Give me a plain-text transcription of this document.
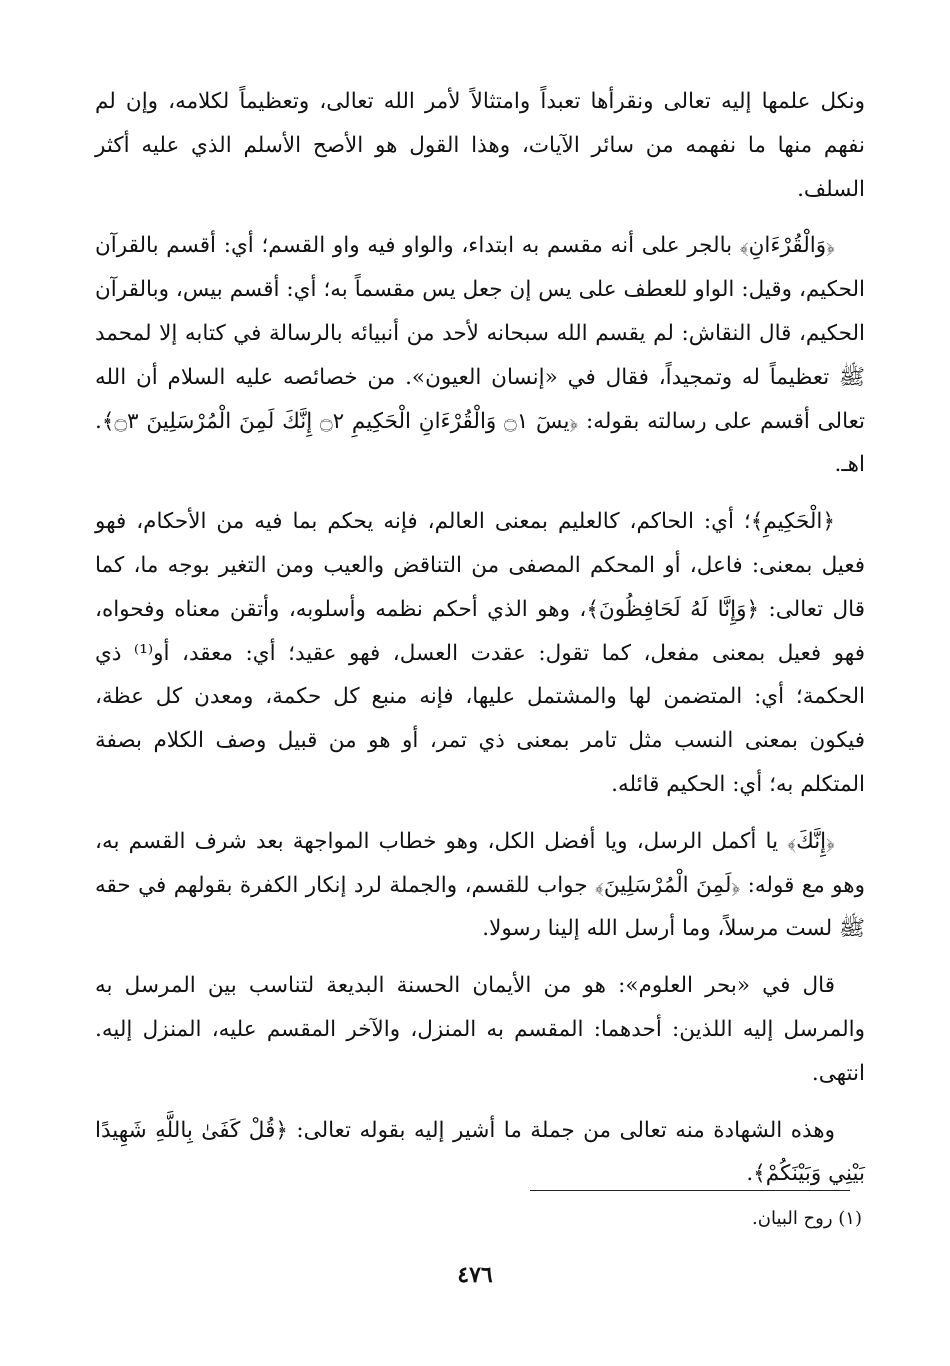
ونكل علمها إليه تعالى ونقرأها تعبداً وامتثالاً لأمر الله تعالى، وتعظيماً لكلامه، وإن لم نفهم منها ما نفهمه من سائر الآيات، وهذا القول هو الأصح الأسلم الذي عليه أكثر السلف.

﴿وَالْقُرْءَانِ﴾ بالجر على أنه مقسم به ابتداء، والواو فيه واو القسم؛ أي: أقسم بالقرآن الحكيم، وقيل: الواو للعطف على يس إن جعل يس مقسماً به؛ أي: أقسم بيس، وبالقرآن الحكيم، قال النقاش: لم يقسم الله سبحانه لأحد من أنبيائه بالرسالة في كتابه إلا لمحمد ﷺ تعظيماً له وتمجيداً، فقال في «إنسان العيون». من خصائصه عليه السلام أن الله تعالى أقسم على رسالته بقوله: ﴿يسٓ ۝١ وَالْقُرْءَانِ الْحَكِيمِ ۝٢ إِنَّكَ لَمِنَ الْمُرْسَلِينَ ۝٣﴾. اهـ.

﴿الْحَكِيمِ﴾؛ أي: الحاكم، كالعليم بمعنى العالم، فإنه يحكم بما فيه من الأحكام، فهو فعيل بمعنى: فاعل، أو المحكم المصفى من التناقض والعيب ومن التغير بوجه ما، كما قال تعالى: ﴿وَإِنَّا لَهُ لَحَافِظُونَ﴾، وهو الذي أحكم نظمه وأسلوبه، وأتقن معناه وفحواه، فهو فعيل بمعنى مفعل، كما تقول: عقدت العسل، فهو عقيد؛ أي: معقد، أو⁽¹⁾ ذي الحكمة؛ أي: المتضمن لها والمشتمل عليها، فإنه منبع كل حكمة، ومعدن كل عظة، فيكون بمعنى النسب مثل تامر بمعنى ذي تمر، أو هو من قبيل وصف الكلام بصفة المتكلم به؛ أي: الحكيم قائله.

﴿إِنَّكَ﴾ يا أكمل الرسل، ويا أفضل الكل، وهو خطاب المواجهة بعد شرف القسم به، وهو مع قوله: ﴿لَمِنَ الْمُرْسَلِينَ﴾ جواب للقسم، والجملة لرد إنكار الكفرة بقولهم في حقه ﷺ لست مرسلاً، وما أرسل الله إلينا رسولا.

قال في «بحر العلوم»: هو من الأيمان الحسنة البديعة لتناسب بين المرسل به والمرسل إليه اللذين: أحدهما: المقسم به المنزل، والآخر المقسم عليه، المنزل إليه. انتهى.

وهذه الشهادة منه تعالى من جملة ما أشير إليه بقوله تعالى: ﴿قُلْ كَفَىٰ بِاللَّهِ شَهِيدًا بَيْنِي وَبَيْنَكُمْ﴾.

(١) روح البيان.
٤٧٦
